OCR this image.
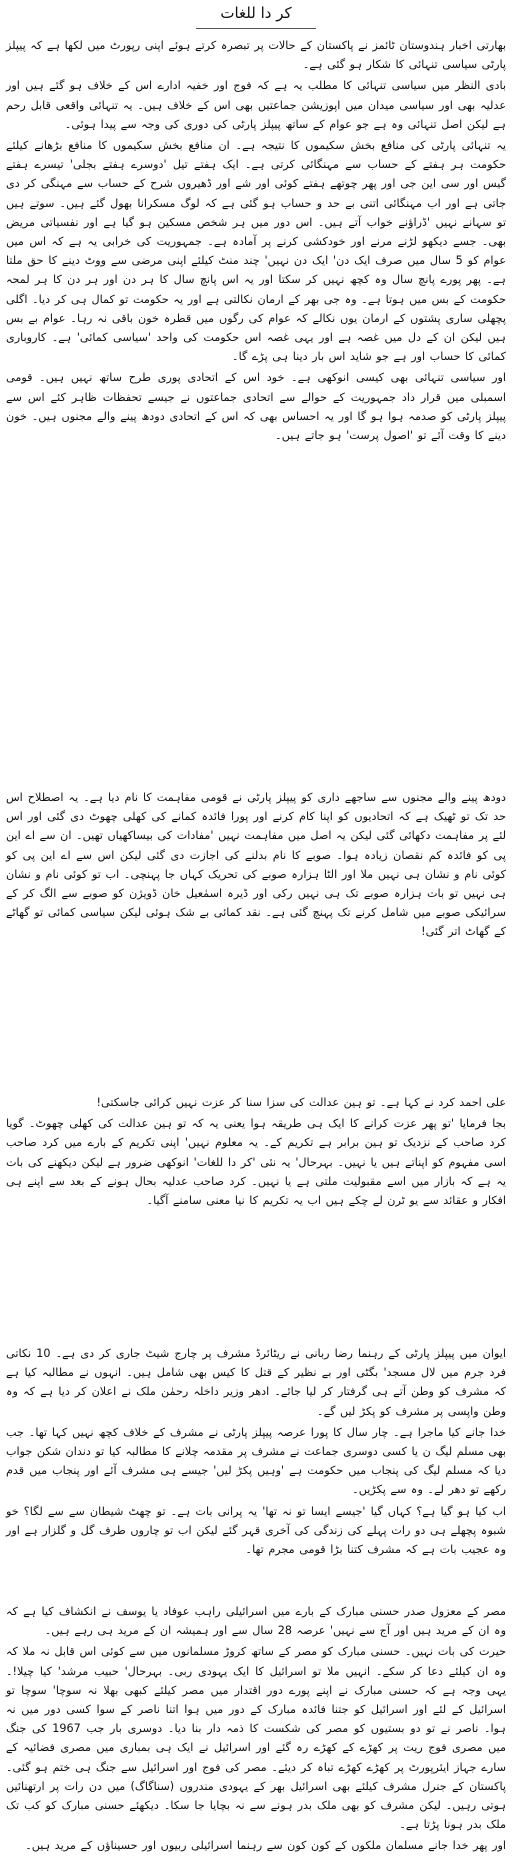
کر دا للغات

بھارتی اخبار ہندوستان ٹائمز نے پاکستان کے حالات پر تبصرہ کرتے ہوئے اپنی رپورٹ میں لکھا ہے کہ پیپلز پارٹی سیاسی تنہائی کا شکار ہو گئی ہے۔

بادی النظر میں سیاسی تنہائی کا مطلب یہ ہے کہ فوج اور خفیہ ادارے اس کے خلاف ہو گئے ہیں اور عدلیہ بھی اور سیاسی میدان میں اپوزیشن جماعتیں بھی اس کے خلاف ہیں۔ یہ تنہائی واقعی قابل رحم ہے لیکن اصل تنہائی وہ ہے جو عوام کے ساتھ پیپلز پارٹی کی دوری کی وجہ سے پیدا ہوئی۔

یہ تنہائی پارٹی کی منافع بخش سکیموں کا نتیجہ ہے۔ ان منافع بخش سکیموں کا منافع بڑھانے کیلئے حکومت ہر ہفتے کے حساب سے مہنگائی کرتی ہے۔ ایک ہفتے تیل 'دوسرے ہفتے بجلی' تیسرے ہفتے گیس اور سی این جی اور پھر چوتھے ہفتے کوئی اور شے اور ڈھیروں شرح کے حساب سے مہنگی کر دی جاتی ہے اور اب مہنگائی اتنی بے حد و حساب ہو گئی ہے کہ لوگ مسکرانا بھول گئے ہیں۔ سوتے ہیں تو سہانے نہیں 'ڈراؤنے خواب آتے ہیں۔ اس دور میں ہر شخص مسکین ہو گیا ہے اور نفسیاتی مریض بھی۔ جسے دیکھو لڑنے مرنے اور خودکشی کرنے پر آمادہ ہے۔ جمہوریت کی خرابی یہ ہے کہ اس میں عوام کو 5 سال میں صرف ایک دن' ایک دن نہیں' چند منٹ کیلئے اپنی مرضی سے ووٹ دینے کا حق ملتا ہے۔ پھر پورے پانچ سال وہ کچھ نہیں کر سکتا اور یہ اس پانچ سال کا ہر دن اور ہر دن کا ہر لمحہ حکومت کے بس میں ہوتا ہے۔ وہ جی بھر کے ارمان نکالتی ہے اور یہ حکومت تو کمال ہی کر دیا۔ اگلی پچھلی ساری پشتوں کے ارمان یوں نکالے کہ عوام کی رگوں میں قطرہ خون باقی نہ رہا۔ عوام بے بس ہیں لیکن ان کے دل میں غصہ ہے اور یہی غصہ اس حکومت کی واحد 'سیاسی کمائی' ہے۔ کاروباری کمائی کا حساب اور ہے جو شاید اس بار دینا ہی پڑے گا۔

اور سیاسی تنہائی بھی کیسی انوکھی ہے۔ خود اس کے اتحادی پوری طرح ساتھ نہیں ہیں۔ قومی اسمبلی میں قرار داد جمہوریت کے حوالے سے اتحادی جماعتوں نے جیسے تحفظات ظاہر کئے اس سے پیپلز پارٹی کو صدمہ ہوا ہو گا اور یہ احساس بھی کہ اس کے اتحادی دودھ پینے والے مجنوں ہیں۔ خون دینے کا وقت آئے تو 'اصول پرست' ہو جاتے ہیں۔

دودھ پینے والے مجنوں سے ساجھے داری کو پیپلز پارٹی نے قومی مفاہمت کا نام دیا ہے۔ یہ اصطلاح اس حد تک تو ٹھیک ہے کہ اتحادیوں کو اپنا کام کرنے اور پورا فائدہ کمانے کی کھلی چھوٹ دی گئی اور اس لئے پر مفاہمت دکھائی گئی لیکن یہ اصل میں مفاہمت نہیں 'مفادات کی بیساکھیاں تھیں۔ ان سے اے این پی کو فائدہ کم نقصان زیادہ ہوا۔ صوبے کا نام بدلنے کی اجازت دی گئی لیکن اس سے اے این پی کو کوئی نام و نشان ہی نہیں ملا اور الٹا ہزارہ صوبے کی تحریک کہاں جا پہنچی۔ اب تو کوئی نام و نشان ہی نہیں تو بات ہزارہ صوبے تک ہی نہیں رکی اور ڈیرہ اسمٰعیل خان ڈویژن کو صوبے سے الگ کر کے سرائیکی صوبے میں شامل کرنے تک پہنچ گئی ہے۔ نقد کمائی بے شک ہوئی لیکن سیاسی کمائی تو گھاٹے کے گھاٹ اتر گئی!

علی احمد کرد نے کہا ہے۔ تو ہین عدالت کی سزا سنا کر عزت نہیں کرائی جاسکتی!

بجا فرمایا 'تو پھر عزت کرانے کا ایک ہی طریقہ ہوا یعنی یہ کہ تو ہین عدالت کی کھلی چھوٹ۔ گویا کرد صاحب کے نزدیک تو ہین برابر ہے تکریم کے۔ یہ معلوم نہیں' اپنی تکریم کے بارے میں کرد صاحب اسی مفہوم کو اپناتے ہیں یا نہیں۔ بہرحال' یہ نئی 'کر دا للغات' انوکھی ضرور ہے لیکن دیکھنے کی بات یہ ہے کہ بازار میں اسے مقبولیت ملتی ہے یا نہیں۔ کرد صاحب عدلیہ بحال ہونے کے بعد سے اپنے ہی افکار و عقائد سے یو ٹرن لے چکے ہیں اب یہ تکریم کا نیا معنی سامنے آگیا۔

ایوان میں پیپلز پارٹی کے رہنما رضا ربانی نے ریٹائرڈ مشرف پر چارج شیٹ جاری کر دی ہے۔ 10 نکاتی فرد جرم میں لال مسجد' بگٹی اور بے نظیر کے قتل کا کیس بھی شامل ہیں۔ انہوں نے مطالبہ کیا ہے کہ مشرف کو وطن آتے ہی گرفتار کر لیا جائے۔ ادھر وزیر داخلہ رحمٰن ملک نے اعلان کر دیا ہے کہ وہ وطن واپسی پر مشرف کو پکڑ لیں گے۔

خدا جانے کیا ماجرا ہے۔ چار سال کا پورا عرصہ پیپلز پارٹی نے مشرف کے خلاف کچھ نہیں کہا تھا۔ جب بھی مسلم لیگ ن یا کسی دوسری جماعت نے مشرف پر مقدمہ چلانے کا مطالبہ کیا تو دندان شکن جواب دیا کہ مسلم لیگ کی پنجاب میں حکومت ہے 'وہیں پکڑ لیں' جیسے ہی مشرف آئے اور پنجاب میں قدم رکھے تو دھر لے۔ وہ سے پکڑیں۔

اب کیا ہو گیا ہے؟ کہاں گیا 'جیسے ایسا تو نہ تھا' یہ پرانی بات ہے۔ تو چھٹ شیطان سے سے لگا؟ خو شبوہ پچھلے ہی دو رات پہلے کی زندگی کی آخری قہر گئے لیکن اب تو چاروں طرف گل و گلزار ہے اور وہ عجیب بات ہے کہ مشرف کتنا بڑا قومی مجرم تھا۔

مصر کے معزول صدر حسنی مبارک کے بارے میں اسرائیلی راہب عوفاد یا یوسف نے انکشاف کیا ہے کہ وہ ان کے مرید ہیں اور آج سے نہیں' عرصہ 28 سال سے اور ہمیشہ ان کے مرید ہی رہے ہیں۔

حیرت کی بات نہیں۔ حسنی مبارک کو مصر کے ساتھ کروڑ مسلمانوں میں سے کوئی اس قابل نہ ملا کہ وہ ان کیلئے دعا کر سکے۔ انہیں ملا تو اسرائیل کا ایک یہودی ربی۔ بہرحال' حبیب مرشد' کیا چیلا!۔ یہی وجہ ہے کہ حسنی مبارک نے اپنے پورے دور اقتدار میں مصر کیلئے کبھی بھلا نہ سوچا' سوچا تو اسرائیل کے لئے اور اسرائیل کو جتنا فائدہ مبارک کے دور میں ہوا اتنا ناصر کے سوا کسی دور میں نہ ہوا۔ ناصر نے تو دو بستیوں کو مصر کی شکست کا ذمہ دار بنا دیا۔ دوسری بار جب 1967 کی جنگ میں مصری فوج ریت پر کھڑے کے کھڑے رہ گئے اور اسرائیل نے ایک ہی بمباری میں مصری فضائیہ کے سارے جہاز ایئرپورٹ پر کھڑے کھڑے تباہ کر دیئے۔ مصر کی فوج اور اسرائیل سے جنگ ہی ختم ہو گئی۔ پاکستان کے جنرل مشرف کیلئے بھی اسرائیل بھر کے یہودی مندروں (سناگاگ) میں دن رات پر ارتھنائیں ہوتی رہیں۔ لیکن مشرف کو بھی ملک بدر ہونے سے نہ بچایا جا سکا۔ دیکھئے حسنی مبارک کو کب تک ملک بدر ہونا پڑتا ہے۔

اور پھر خدا جانے مسلمان ملکوں کے کون کون سے رہنما اسرائیلی ربیوں اور حسیناؤں کے مرید ہیں۔
